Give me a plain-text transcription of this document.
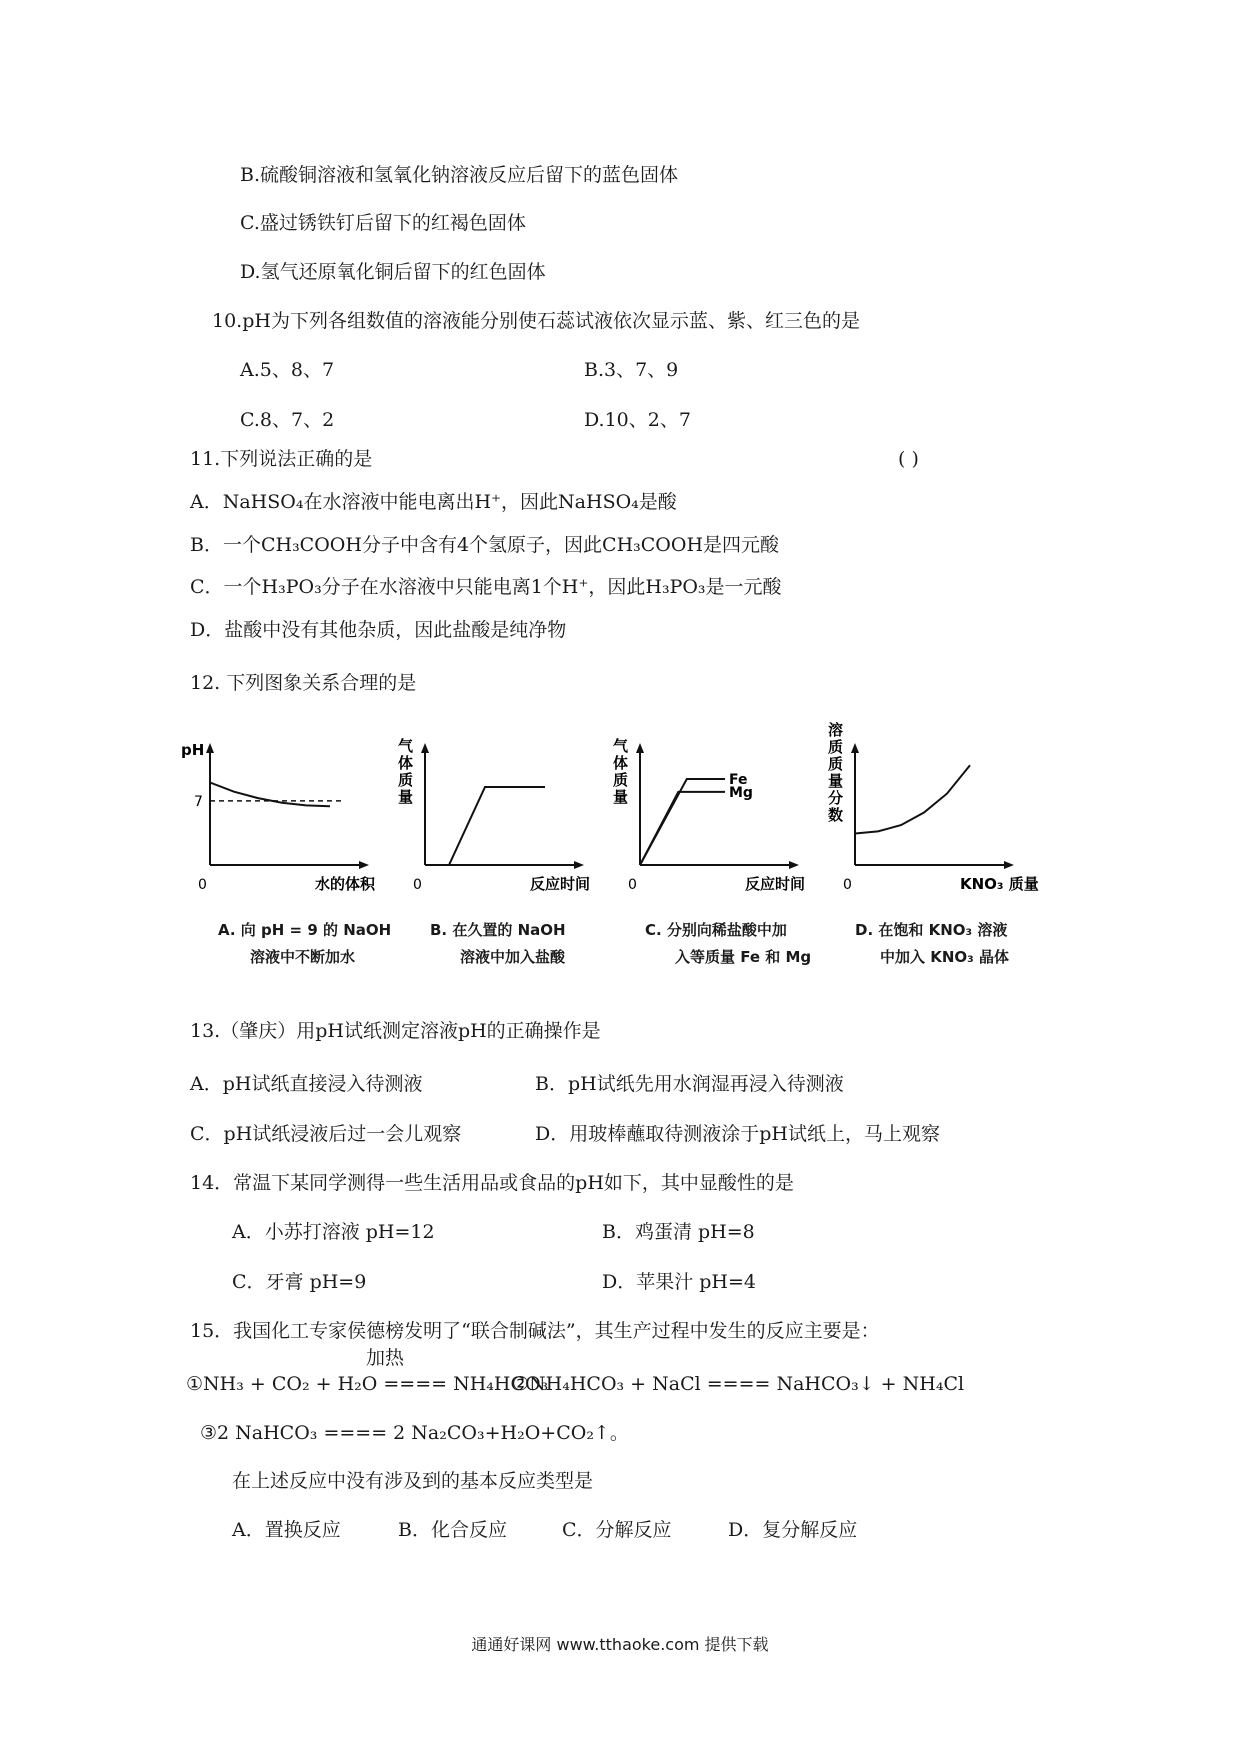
B.硫酸铜溶液和氢氧化钠溶液反应后留下的蓝色固体
C.盛过锈铁钉后留下的红褐色固体
D.氢气还原氧化铜后留下的红色固体
10.pH为下列各组数值的溶液能分别使石蕊试液依次显示蓝、紫、红三色的是
A.5、8、7	B.3、7、9
C.8、7、2	D.10、2、7
11.下列说法正确的是	( )
A．NaHSO₄在水溶液中能电离出H⁺，因此NaHSO₄是酸
B．一个CH₃COOH分子中含有4个氢原子，因此CH₃COOH是四元酸
C．一个H₃PO₃分子在水溶液中只能电离1个H⁺，因此H₃PO₃是一元酸
D．盐酸中没有其他杂质，因此盐酸是纯净物
12. 下列图象关系合理的是
0	水的体积
pH
7
0	反应时间
气
体
质
量
0	反应时间
气
体
质
量
Fe
Mg
0	KNO₃ 质量
溶
质
质
量
分
数
A. 向 pH = 9 的 NaOH
溶液中不断加水
B. 在久置的 NaOH
溶液中加入盐酸
C. 分别向稀盐酸中加
入等质量 Fe 和 Mg
D. 在饱和 KNO₃ 溶液
中加入 KNO₃ 晶体
13.（肇庆）用pH试纸测定溶液pH的正确操作是
A．pH试纸直接浸入待测液	B．pH试纸先用水润湿再浸入待测液
C．pH试纸浸液后过一会儿观察	D．用玻棒蘸取待测液涂于pH试纸上，马上观察
14．常温下某同学测得一些生活用品或食品的pH如下，其中显酸性的是
A．小苏打溶液 pH=12	B．鸡蛋清 pH=8
C．牙膏 pH=9	D．苹果汁 pH=4
15．我国化工专家侯德榜发明了“联合制碱法”，其生产过程中发生的反应主要是：
加热
①NH₃ + CO₂ + H₂O ==== NH₄HCO₃
②NH₄HCO₃ + NaCl ==== NaHCO₃↓ + NH₄Cl
③2 NaHCO₃ ==== 2 Na₂CO₃+H₂O+CO₂↑。
在上述反应中没有涉及到的基本反应类型是
A．置换反应	B．化合反应	C．分解反应	D．复分解反应
通通好课网 www.tthaoke.com 提供下载
